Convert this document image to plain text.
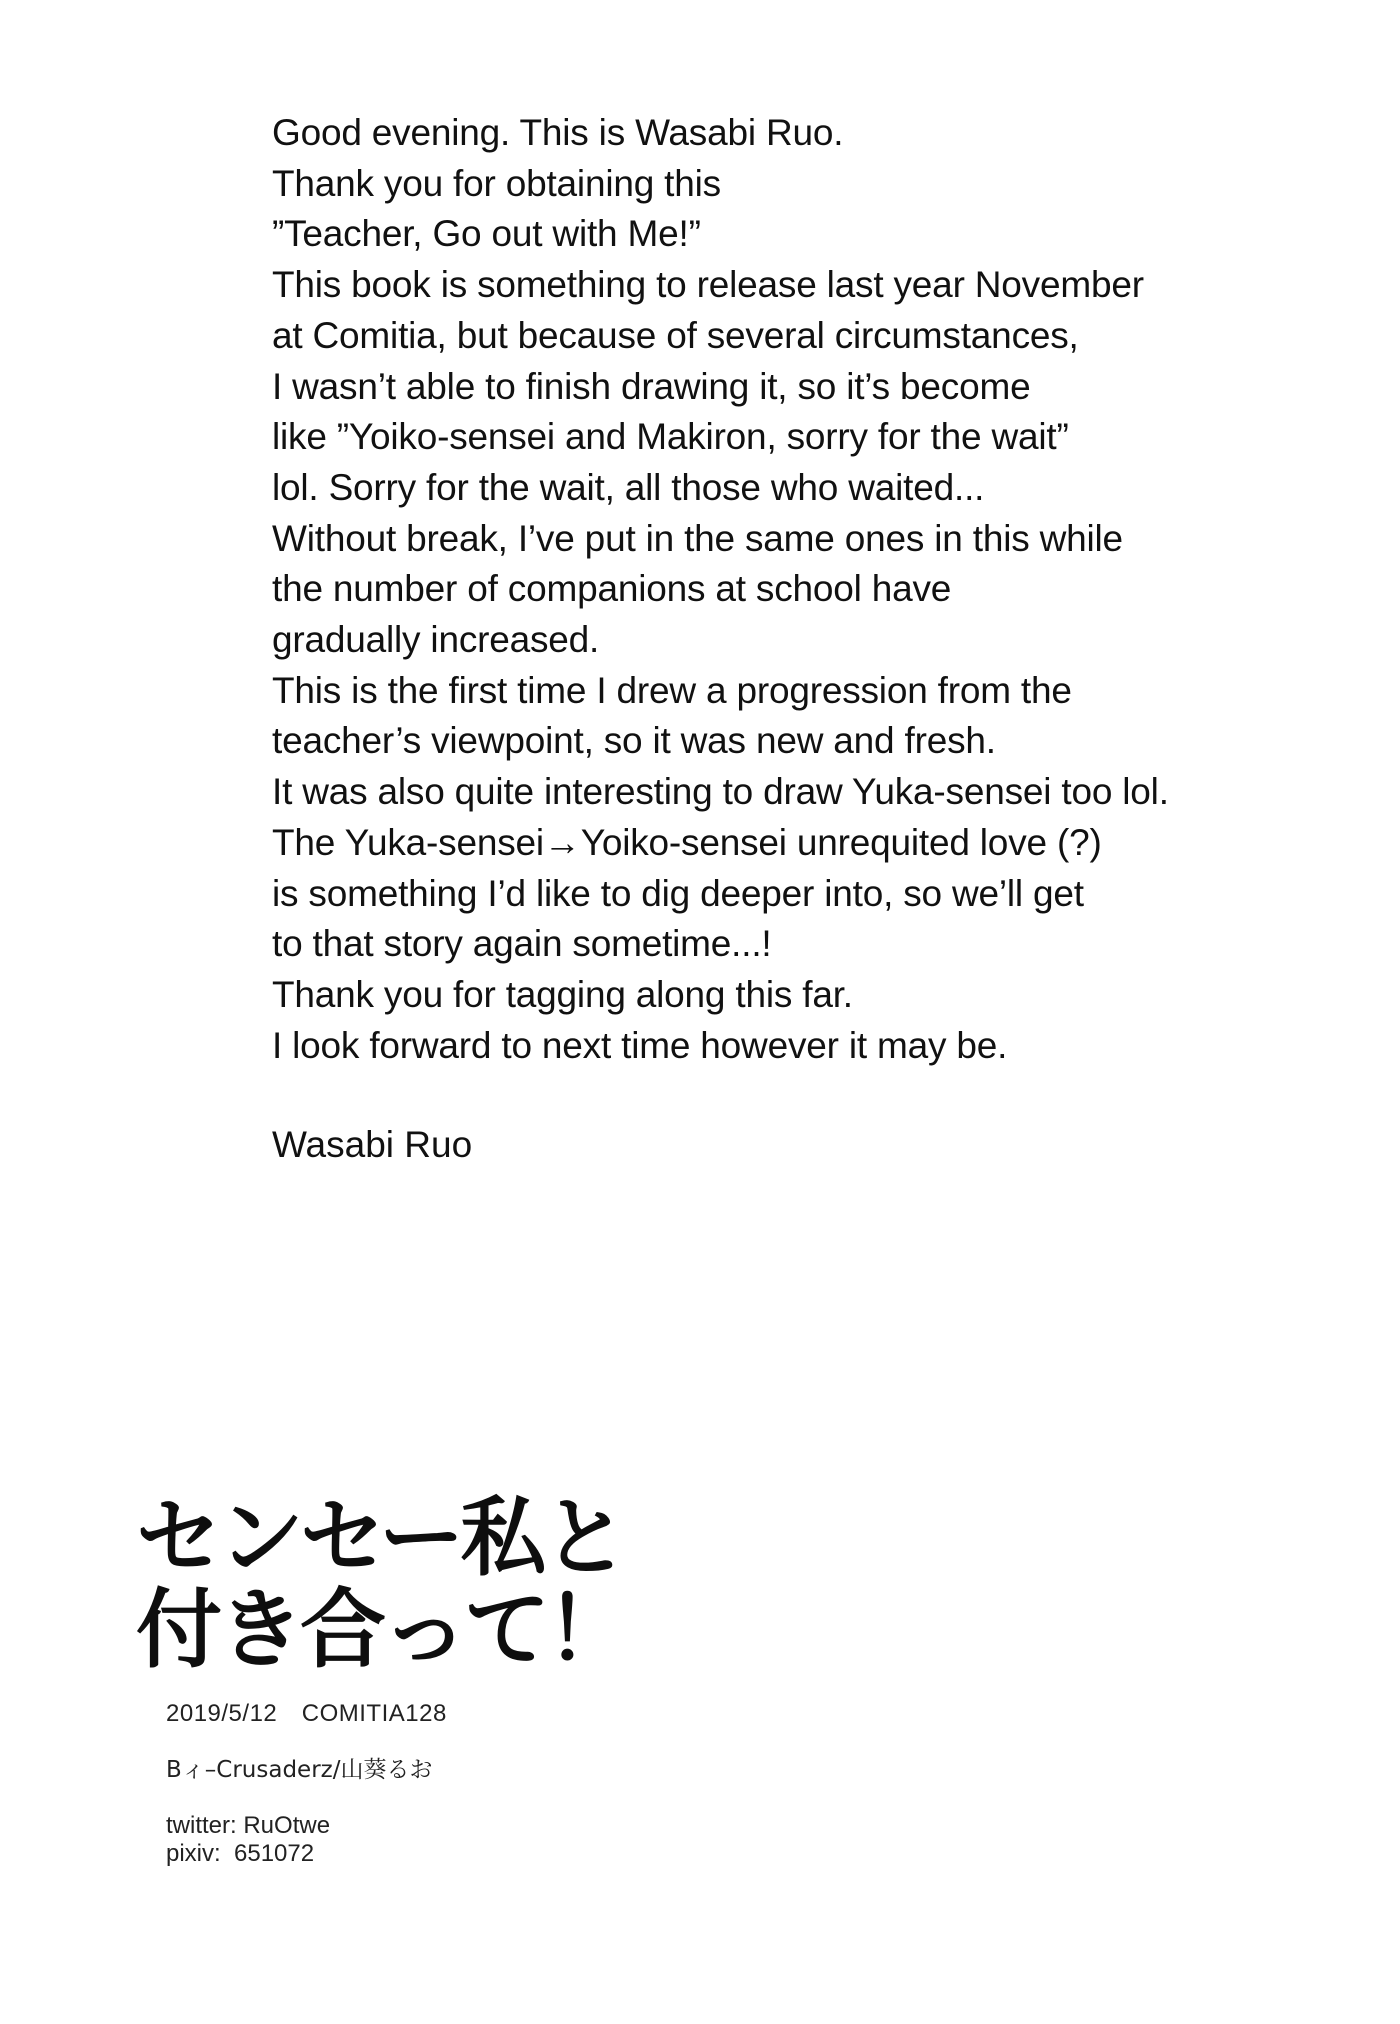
Good evening. This is Wasabi Ruo.
Thank you for obtaining this
”Teacher, Go out with Me!”
This book is something to release last year November
at Comitia, but because of several circumstances,
I wasn’t able to finish drawing it, so it’s become
like ”Yoiko-sensei and Makiron, sorry for the wait”
lol. Sorry for the wait, all those who waited...
Without break, I’ve put in the same ones in this while
the number of companions at school have
gradually increased.
This is the first time I drew a progression from the
teacher’s viewpoint, so it was new and fresh.
It was also quite interesting to draw Yuka-sensei too lol.
The Yuka-sensei→Yoiko-sensei unrequited love (?)
is something I’d like to dig deeper into, so we’ll get
to that story again sometime...!
Thank you for tagging along this far.
I look forward to next time however it may be.
Wasabi Ruo
センセー私と
付き合って！
2019/5/12　COMITIA128
Bィ–Crusaderz/山葵るお
twitter: RuOtwe
pixiv:  651072
